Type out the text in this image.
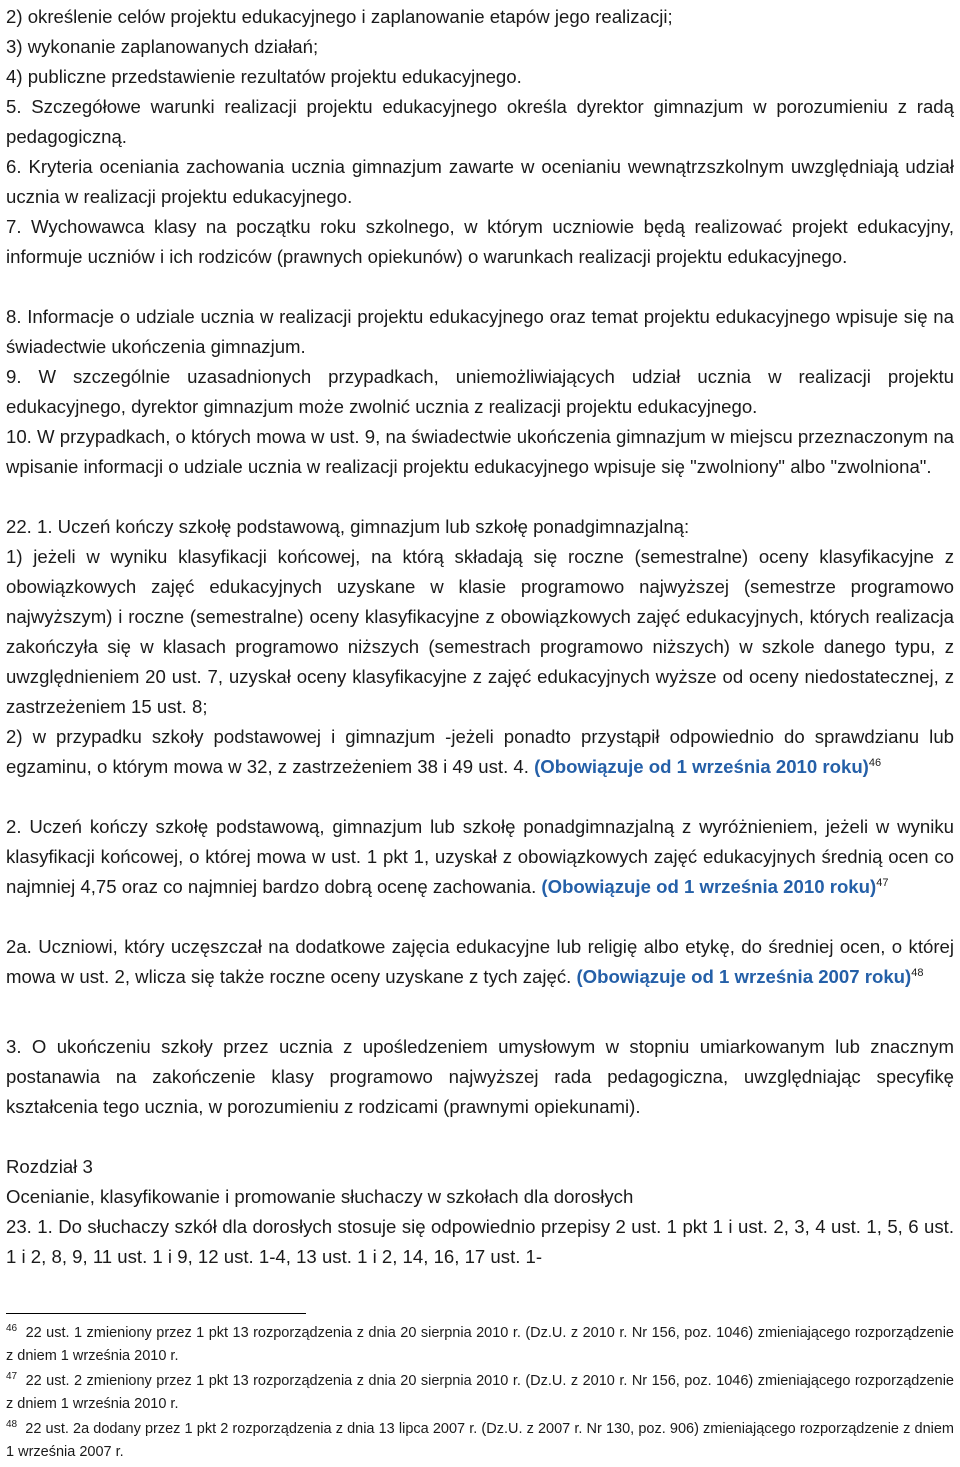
2) określenie celów projektu edukacyjnego i zaplanowanie etapów jego realizacji;

3) wykonanie zaplanowanych działań;

4) publiczne przedstawienie rezultatów projektu edukacyjnego.

5. Szczegółowe warunki realizacji projektu edukacyjnego określa dyrektor gimnazjum w porozumieniu z radą pedagogiczną.

6. Kryteria oceniania zachowania ucznia gimnazjum zawarte w ocenianiu wewnątrzszkolnym uwzględniają udział ucznia w realizacji projektu edukacyjnego.

7. Wychowawca klasy na początku roku szkolnego, w którym uczniowie będą realizować projekt edukacyjny, informuje uczniów i ich rodziców (prawnych opiekunów) o warunkach realizacji projektu edukacyjnego.

8. Informacje o udziale ucznia w realizacji projektu edukacyjnego oraz temat projektu edukacyjnego wpisuje się na świadectwie ukończenia gimnazjum.

9. W szczególnie uzasadnionych przypadkach, uniemożliwiających udział ucznia w realizacji projektu edukacyjnego, dyrektor gimnazjum może zwolnić ucznia z realizacji projektu edukacyjnego.

10. W przypadkach, o których mowa w ust. 9, na świadectwie ukończenia gimnazjum w miejscu przeznaczonym na wpisanie informacji o udziale ucznia w realizacji projektu edukacyjnego wpisuje się "zwolniony" albo "zwolniona".

22. 1. Uczeń kończy szkołę podstawową, gimnazjum lub szkołę ponadgimnazjalną:

1) jeżeli w wyniku klasyfikacji końcowej, na którą składają się roczne (semestralne) oceny klasyfikacyjne z obowiązkowych zajęć edukacyjnych uzyskane w klasie programowo najwyższej (semestrze programowo najwyższym) i roczne (semestralne) oceny klasyfikacyjne z obowiązkowych zajęć edukacyjnych, których realizacja zakończyła się w klasach programowo niższych (semestrach programowo niższych) w szkole danego typu, z uwzględnieniem 20 ust. 7, uzyskał oceny klasyfikacyjne z zajęć edukacyjnych wyższe od oceny niedostatecznej, z zastrzeżeniem 15 ust. 8;

2) w przypadku szkoły podstawowej i gimnazjum -jeżeli ponadto przystąpił odpowiednio do sprawdzianu lub egzaminu, o którym mowa w 32, z zastrzeżeniem 38 i 49 ust. 4. (Obowiązuje od 1 września 2010 roku)$^{46}$

2. Uczeń kończy szkołę podstawową, gimnazjum lub szkołę ponadgimnazjalną z wyróżnieniem, jeżeli w wyniku klasyfikacji końcowej, o której mowa w ust. 1 pkt 1, uzyskał z obowiązkowych zajęć edukacyjnych średnią ocen co najmniej 4,75 oraz co najmniej bardzo dobrą ocenę zachowania. (Obowiązuje od 1 września 2010 roku)$^{47}$

2a. Uczniowi, który uczęszczał na dodatkowe zajęcia edukacyjne lub religię albo etykę, do średniej ocen, o której mowa w ust. 2, wlicza się także roczne oceny uzyskane z tych zajęć. (Obowiązuje od 1 września 2007 roku)$^{48}$

3. O ukończeniu szkoły przez ucznia z upośledzeniem umysłowym w stopniu umiarkowanym lub znacznym postanawia na zakończenie klasy programowo najwyższej rada pedagogiczna, uwzględniając specyfikę kształcenia tego ucznia, w porozumieniu z rodzicami (prawnymi opiekunami).

Rozdział 3

Ocenianie, klasyfikowanie i promowanie słuchaczy w szkołach dla dorosłych

23. 1. Do słuchaczy szkół dla dorosłych stosuje się odpowiednio przepisy 2 ust. 1 pkt 1 i ust. 2, 3, 4 ust. 1, 5, 6 ust. 1 i 2, 8, 9, 11 ust. 1 i 9, 12 ust. 1-4, 13 ust. 1 i 2, 14, 16, 17 ust. 1-

$^{46}$ 22 ust. 1 zmieniony przez 1 pkt 13 rozporządzenia z dnia 20 sierpnia 2010 r. (Dz.U. z 2010 r. Nr 156, poz. 1046) zmieniającego rozporządzenie z dniem 1 września 2010 r.

$^{47}$ 22 ust. 2 zmieniony przez 1 pkt 13 rozporządzenia z dnia 20 sierpnia 2010 r. (Dz.U. z 2010 r. Nr 156, poz. 1046) zmieniającego rozporządzenie z dniem 1 września 2010 r.

$^{48}$ 22 ust. 2a dodany przez 1 pkt 2 rozporządzenia z dnia 13 lipca 2007 r. (Dz.U. z 2007 r. Nr 130, poz. 906) zmieniającego rozporządzenie z dniem 1 września 2007 r.
